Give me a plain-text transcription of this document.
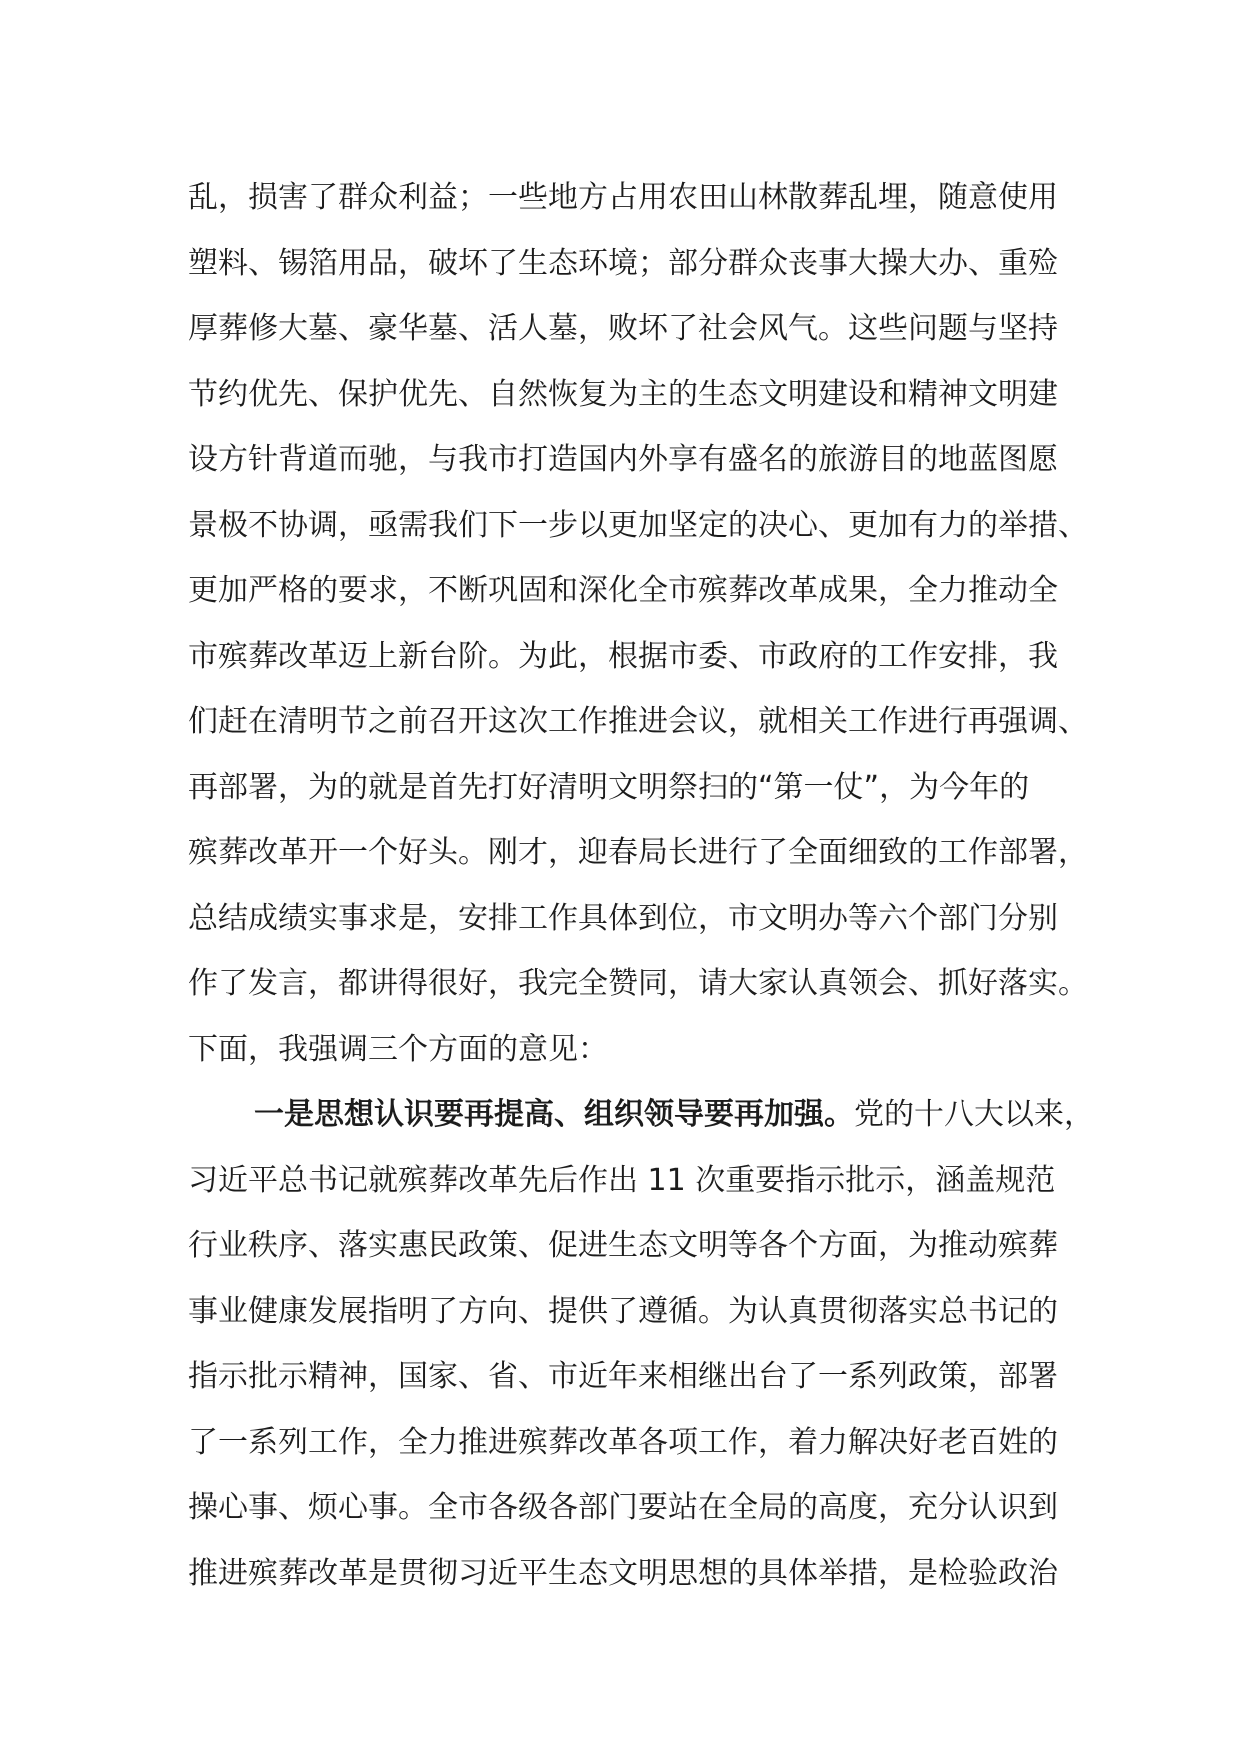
乱，损害了群众利益；一些地方占用农田山林散葬乱埋，随意使用
塑料、锡箔用品，破坏了生态环境；部分群众丧事大操大办、重殓
厚葬修大墓、豪华墓、活人墓，败坏了社会风气。这些问题与坚持
节约优先、保护优先、自然恢复为主的生态文明建设和精神文明建
设方针背道而驰，与我市打造国内外享有盛名的旅游目的地蓝图愿
景极不协调，亟需我们下一步以更加坚定的决心、更加有力的举措、
更加严格的要求，不断巩固和深化全市殡葬改革成果，全力推动全
市殡葬改革迈上新台阶。为此，根据市委、市政府的工作安排，我
们赶在清明节之前召开这次工作推进会议，就相关工作进行再强调、
再部署，为的就是首先打好清明文明祭扫的“第一仗”，为今年的
殡葬改革开一个好头。刚才，迎春局长进行了全面细致的工作部署，
总结成绩实事求是，安排工作具体到位，市文明办等六个部门分别
作了发言，都讲得很好，我完全赞同，请大家认真领会、抓好落实。
下面，我强调三个方面的意见：
一是思想认识要再提高、组织领导要再加强。党的十八大以来，
习近平总书记就殡葬改革先后作出 11 次重要指示批示，涵盖规范
行业秩序、落实惠民政策、促进生态文明等各个方面，为推动殡葬
事业健康发展指明了方向、提供了遵循。为认真贯彻落实总书记的
指示批示精神，国家、省、市近年来相继出台了一系列政策，部署
了一系列工作，全力推进殡葬改革各项工作，着力解决好老百姓的
操心事、烦心事。全市各级各部门要站在全局的高度，充分认识到
推进殡葬改革是贯彻习近平生态文明思想的具体举措，是检验政治
